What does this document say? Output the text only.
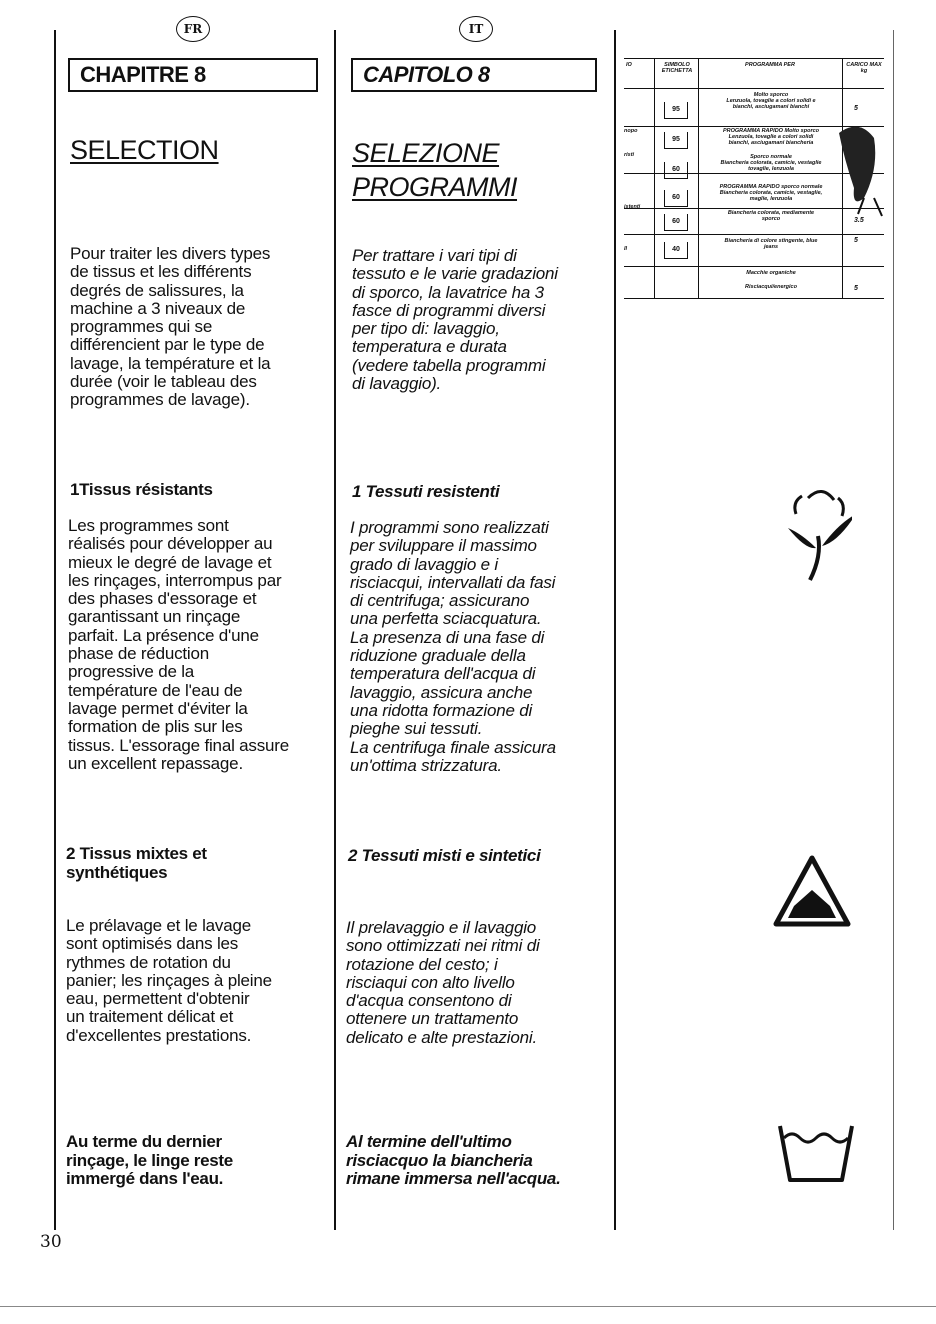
FR
CHAPITRE 8
SELECTION
Pour traiter les divers types
de tissus et les différents
degrés de salissures, la
machine a 3 niveaux de
programmes qui se
différencient par le type de
lavage, la température et la
durée (voir le tableau des
programmes de lavage).
1Tissus résistants
Les programmes sont
réalisés pour développer au
mieux le degré de lavage et
les rinçages, interrompus par
des phases d'essorage et
garantissant un rinçage
parfait. La présence d'une
phase de réduction
progressive de la
température de l'eau de
lavage permet d'éviter la
formation de plis sur les
tissus. L'essorage final assure
un excellent repassage.
2 Tissus mixtes et
synthétiques
Le prélavage et le lavage
sont optimisés dans les
rythmes de rotation du
panier; les rinçages à pleine
eau, permettent d'obtenir
un traitement délicat et
d'excellentes prestations.
Au terme du dernier
rinçage, le linge reste
immergé dans l'eau.
IT
CAPITOLO 8
SELEZIONE
PROGRAMMI
Per trattare i vari tipi di
tessuto e le varie gradazioni
di sporco, la lavatrice ha 3
fasce di programmi diversi
per tipo di: lavaggio,
temperatura e durata
(vedere tabella programmi
di lavaggio).
1 Tessuti resistenti
I programmi sono realizzati
per sviluppare il massimo
grado di lavaggio e i
risciacqui, intervallati da fasi
di centrifuga; assicurano
una perfetta sciacquatura.
La presenza di una fase di
riduzione graduale della
temperatura dell'acqua di
lavaggio, assicura anche
una ridotta formazione di
pieghe sui tessuti.
La centrifuga finale assicura
un'ottima strizzatura.
2 Tessuti misti e sintetici
Il prelavaggio e il lavaggio
sono ottimizzati nei ritmi di
rotazione del cesto; i
risciaqui con alto livello
d'acqua consentono di
ottenere un trattamento
delicato e alte prestazioni.
Al termine dell'ultimo
risciacquo la biancheria
rimane immersa nell'acqua.
IO	SIMBOLO ETICHETTA
PROGRAMMA PER	CARICO MAX kg
nopo
risti
istenti
II
95
95
60
60
60
40
Molto sporco
Lenzuola, tovaglie a colori solidi e
bianchi, asciugamani bianchi
PROGRAMMA RAPIDO Molto sporco
Lenzuola, tovaglie a colori solidi
bianchi, asciugamani biancheria
Sporco normale
Biancheria colorata, camicie, vestaglie
tovaglie, lenzuola
PROGRAMMA RAPIDO sporco normale
Biancheria colorata, camicie, vestaglie,
maglie, lenzuola
Biancheria colorata, mediamente
sporco
Biancheria di colore stingente, blue
jeans
Macchie organiche
Risciacqui/energico
5
3.5
5
5
30
